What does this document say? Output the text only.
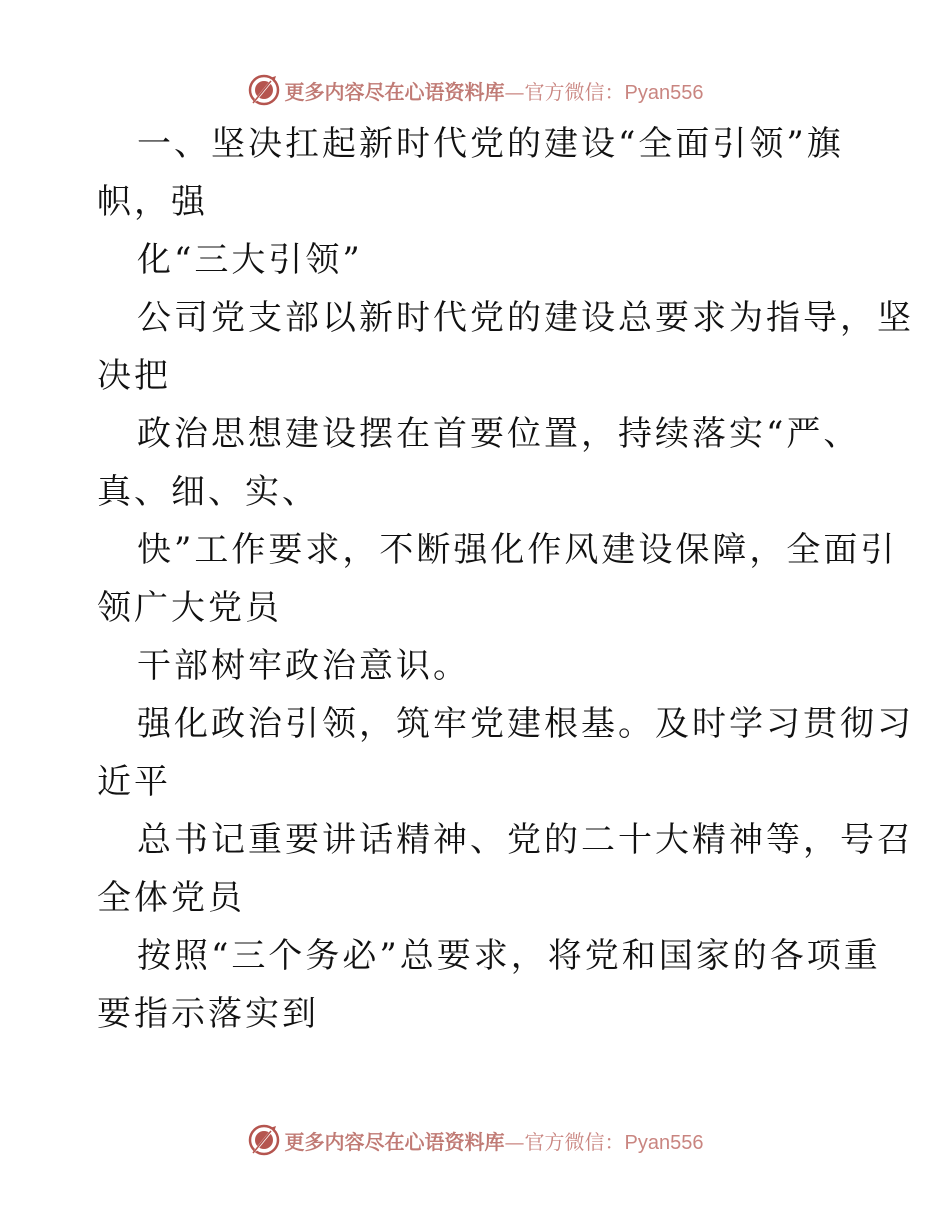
更多内容尽在心语资料库—官方微信：Pyan556
一、坚决扛起新时代党的建设“全面引领”旗
帜，强
化“三大引领”
公司党支部以新时代党的建设总要求为指导，坚
决把
政治思想建设摆在首要位置，持续落实“严、
真、细、实、
快”工作要求，不断强化作风建设保障，全面引
领广大党员
干部树牢政治意识。
强化政治引领，筑牢党建根基。及时学习贯彻习
近平
总书记重要讲话精神、党的二十大精神等，号召
全体党员
按照“三个务必”总要求，将党和国家的各项重
要指示落实到
更多内容尽在心语资料库—官方微信：Pyan556
